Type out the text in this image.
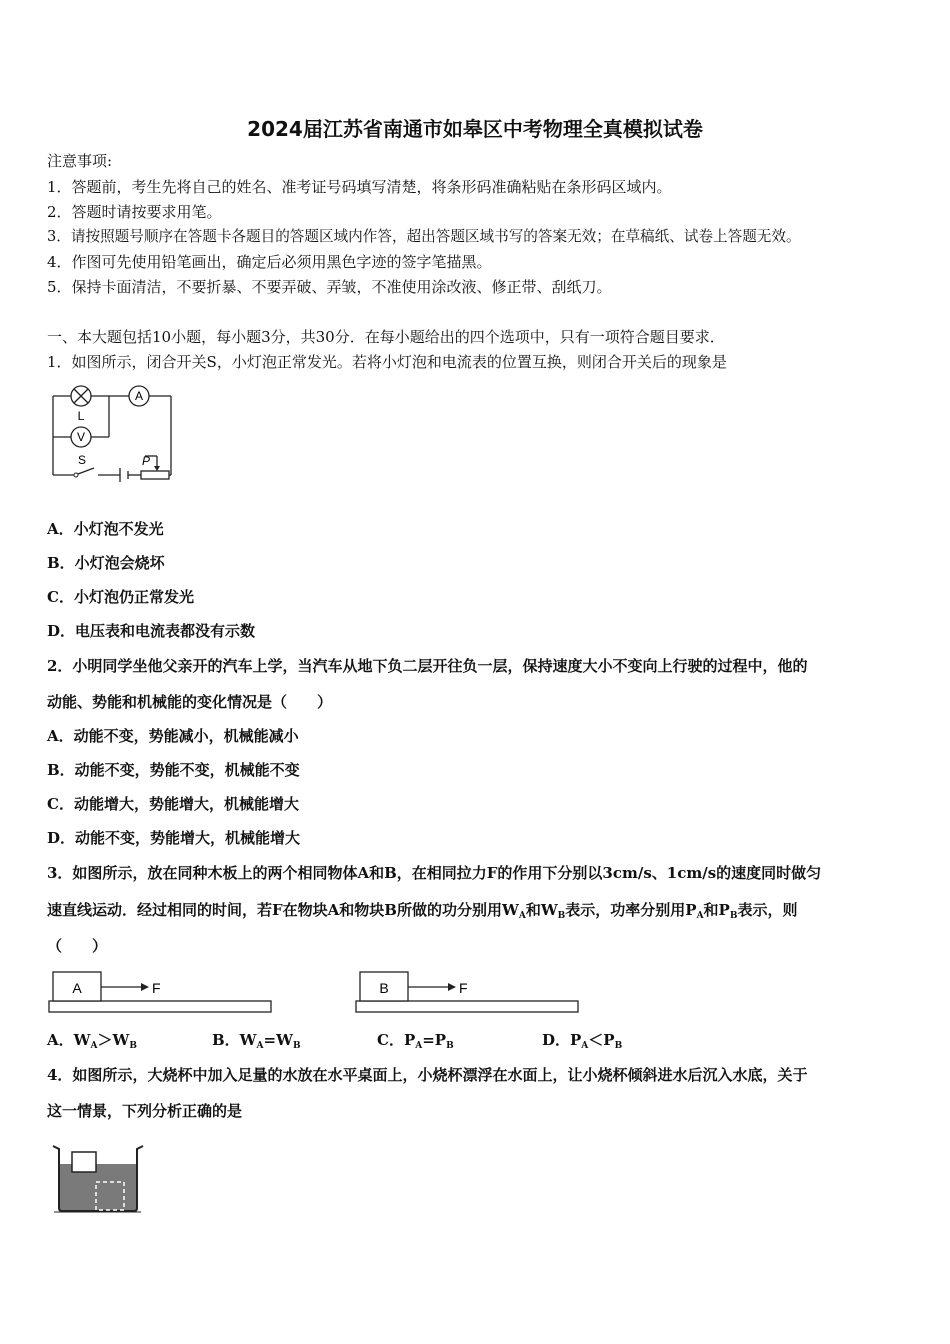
2024届江苏省南通市如皋区中考物理全真模拟试卷
注意事项:
1．答题前，考生先将自己的姓名、准考证号码填写清楚，将条形码准确粘贴在条形码区域内。
2．答题时请按要求用笔。
3．请按照题号顺序在答题卡各题目的答题区域内作答，超出答题区域书写的答案无效；在草稿纸、试卷上答题无效。
4．作图可先使用铅笔画出，确定后必须用黑色字迹的签字笔描黑。
5．保持卡面清洁，不要折暴、不要弄破、弄皱，不准使用涂改液、修正带、刮纸刀。
一、本大题包括10小题，每小题3分，共30分．在每小题给出的四个选项中，只有一项符合题目要求．
1．如图所示，闭合开关S，小灯泡正常发光。若将小灯泡和电流表的位置互换，则闭合开关后的现象是
A
V
L
S	P
A．小灯泡不发光
B．小灯泡会烧坏
C．小灯泡仍正常发光
D．电压表和电流表都没有示数
2．小明同学坐他父亲开的汽车上学，当汽车从地下负二层开往负一层，保持速度大小不变向上行驶的过程中，他的
动能、势能和机械能的变化情况是（　　）
A．动能不变，势能减小，机械能减小
B．动能不变，势能不变，机械能不变
C．动能增大，势能增大，机械能增大
D．动能不变，势能增大，机械能增大
3．如图所示，放在同种木板上的两个相同物体A和B，在相同拉力F的作用下分别以3cm/s、1cm/s的速度同时做匀
速直线运动．经过相同的时间，若F在物块A和物块B所做的功分别用$W_A$和$W_B$表示，功率分别用$P_A$和$P_B$表示，则
（　　）
A	F	B	F
A．$W_A>W_B$	B．$W_A=W_B$	C．$P_A=P_B$	D．$P_A<P_B$
4．如图所示，大烧杯中加入足量的水放在水平桌面上，小烧杯漂浮在水面上，让小烧杯倾斜进水后沉入水底，关于
这一情景，下列分析正确的是
